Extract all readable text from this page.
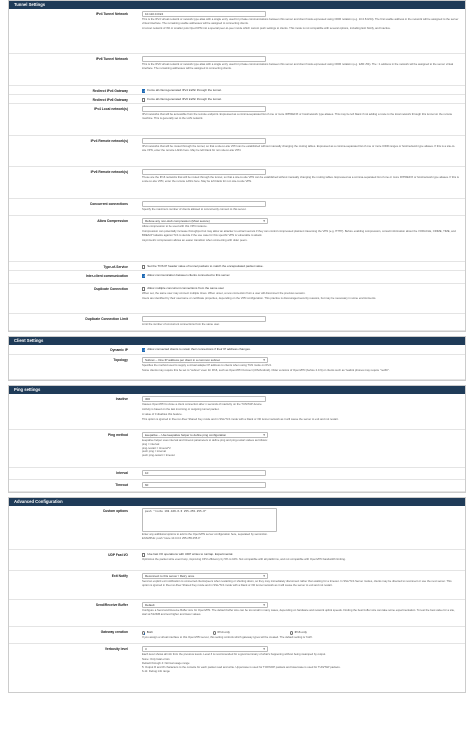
Tunnel Settings
IPv4 Tunnel Network	10.110.0.0/24
This is the IPv4 virtual network or network type alias with a single entry used for private communications between this server and client hosts expressed using CIDR notation (e.g. 10.0.8.0/24). The first usable address in the network will be assigned to the server virtual interface. The remaining usable addresses will be assigned to connecting clients.
A tunnel network of /30 or smaller puts OpenVPN into a special peer-to-peer mode which cannot push settings to clients. This mode is not compatible with several options, including Exit Notify, and Inactive.
IPv6 Tunnel Network
This is the IPv6 virtual network or network type alias with a single entry used for private communications between this server and client hosts expressed using CIDR notation (e.g. fe80::/64). The ::1 address in the network will be assigned to the server virtual interface. The remaining addresses will be assigned to connecting clients.
Redirect IPv4 Gateway ✓	Force all client-generated IPv4 traffic through the tunnel.
Redirect IPv6 Gateway	Force all client-generated IPv6 traffic through the tunnel.
IPv4 Local network(s)
IPv4 networks that will be accessible from the remote endpoint. Expressed as a comma-separated list of one or more IP/PREFIX or host/network type aliases. This may be left blank if not adding a route to the local network through this tunnel on the remote machine. This is generally set to the LAN network.
IPv4 Remote network(s)
IPv4 networks that will be routed through the tunnel, so that a site-to-site VPN can be established without manually changing the routing tables. Expressed as a comma-separated list of one or more CIDR ranges or host/network type aliases. If this is a site-to-site VPN, enter the remote LAN/s here. May be left blank for non site-to-site VPN.
IPv6 Remote network(s)
These are the IPv6 networks that will be routed through the tunnel, so that a site-to-site VPN can be established without manually changing the routing tables. Expressed as a comma-separated list of one or more IP/PREFIX or host/network type aliases. If this is a site-to-site VPN, enter the remote LAN/s here. May be left blank for non site-to-site VPN.
Concurrent connections
Specify the maximum number of clients allowed to concurrently connect to this server.
Allow Compression	Refuse any non-stub compression (Most secure) ▾
Allow compression to be used with this VPN instance.
Compression can potentially increase throughput but may allow an attacker to extract secrets if they can control compressed plaintext traversing the VPN (e.g. HTTP). Before enabling compression, consult information about the VORACLE, CRIME, TIME, and BREACH attacks against TLS to decide if the use case for this specific VPN is vulnerable to attack.
Asymmetric compression allows an easier transition when connecting with older peers.
Type-of-Service	Set the TOS IP header value of tunnel packets to match the encapsulated packet value.
Inter-client communication ✓	Allow communication between clients connected to this server.
Duplicate Connection	Allow multiple concurrent connections from the same user
When set, the same user may connect multiple times. When unset, a new connection from a user will disconnect the previous session.
Users are identified by their username or certificate properties, depending on the VPN configuration. This practice is discouraged security reasons, but may be necessary in some environments.
Duplicate Connection Limit
Limit the number of concurrent connections from the same user.
Client Settings
Dynamic IP ✓	Allow connected clients to retain their connections if their IP address changes.
Topology	Subnet -- One IP address per client in a common subnet ▾
Specifies the method used to supply a virtual adapter IP address to clients when using TUN mode on IPv4.
Some clients may require this be set to "subnet" even for IPv6, such as OpenVPN Connect (iOS/Android). Older versions of OpenVPN (before 2.0.9) or clients such as Yealink phones may require "net30".
Ping settings
Inactive	300
Causes OpenVPN to close a client connection after n seconds of inactivity on the TUN/TAP device.
Activity is based on the last incoming or outgoing tunnel packet.
A value of 0 disables this feature.
This option is ignored in Peer-to-Peer Shared Key mode and in SSL/TLS mode with a blank or /30 tunnel network as it will cause the server to exit and not restart.
Ping method	keepalive -- Use keepalive helper to define ping configuration ▾
keepalive helper uses interval and timeout parameters to define ping and ping-restart values as follows:
ping = interval
ping-restart = timeout*2
push ping = interval
push ping-restart = timeout
Interval	10
Timeout	60
Advanced Configuration
Custom options	push "route 192.168.0.0 255.255.255.0"
Enter any additional options to add to the OpenVPN server configuration here, separated by semicolon.
EXAMPLE: push "route 10.0.0.0 255.255.255.0"
UDP Fast I/O	Use fast I/O operations with UDP writes to tun/tap. Experimental.
Optimizes the packet write event loop, improving CPU efficiency by 5% to 10%. Not compatible with all platforms, and not compatible with OpenVPN bandwidth limiting.
Exit Notify	Reconnect to this server / Retry once ▾
Send an explicit exit notification to connected clients/peers when restarting or shutting down, so they may immediately disconnect rather than waiting for a timeout. In SSL/TLS Server modes, clients may be directed to reconnect or use the next server. This option is ignored in Peer-to-Peer Shared Key mode and in SSL/TLS mode with a blank or /30 tunnel network as it will cause the server to exit and not restart.
Send/Receive Buffer	Default ▾
Configure a Send and Receive Buffer size for OpenVPN. The default buffer size can be too small in many cases, depending on hardware and network uplink speeds. Finding the best buffer size can take some experimentation. To test the best value for a site, start at 512KiB and test higher and lower values.
Gateway creation	Both	IPv4 only	IPv6 only
If you assign a virtual interface to this OpenVPN server, this setting controls which gateway types will be created. The default setting is 'both'.
Verbosity level	3 ▾
Each level shows all info from the previous levels. Level 3 is recommended for a good summary of what's happening without being swamped by output.
None: Only fatal errors
Default through 4: Normal usage range
5: Output R and W characters to the console for each packet read and write. Uppercase is used for TCP/UDP packets and lowercase is used for TUN/TAP packets.
6-11: Debug info range
